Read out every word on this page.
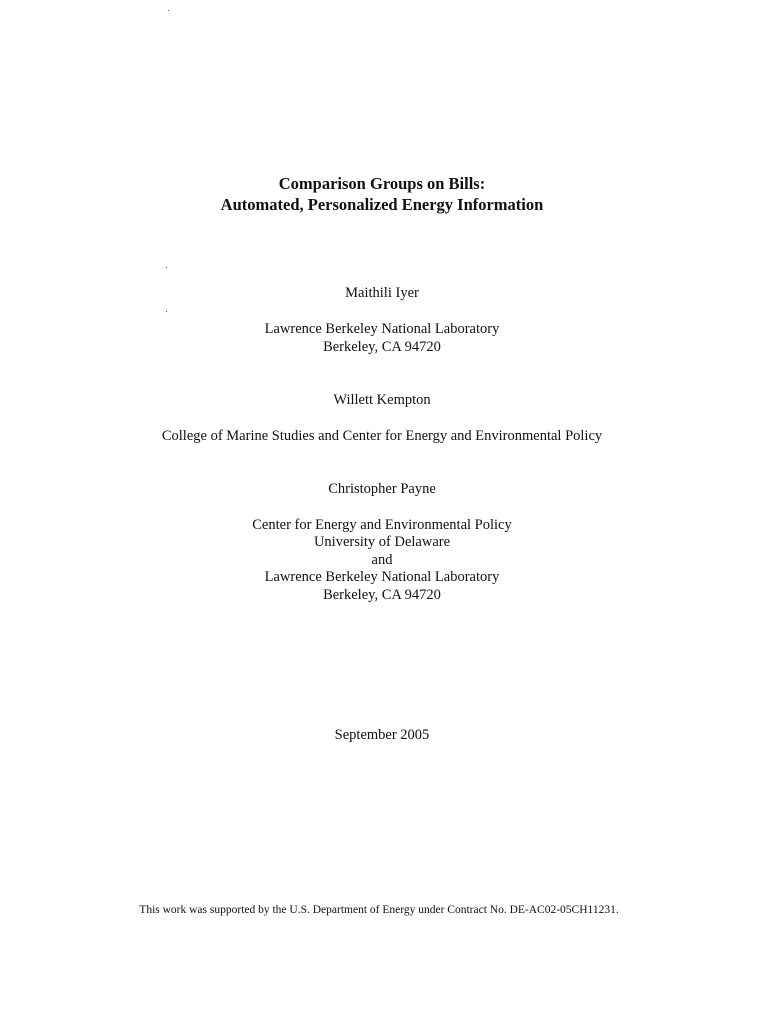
Comparison Groups on Bills:
Automated, Personalized Energy Information
Maithili Iyer
Lawrence Berkeley National Laboratory
Berkeley, CA 94720
Willett Kempton
College of Marine Studies and Center for Energy and Environmental Policy
Christopher Payne
Center for Energy and Environmental Policy
University of Delaware
and
Lawrence Berkeley National Laboratory
Berkeley, CA 94720
September 2005
This work was supported by the U.S. Department of Energy under Contract No. DE-AC02-05CH11231.
